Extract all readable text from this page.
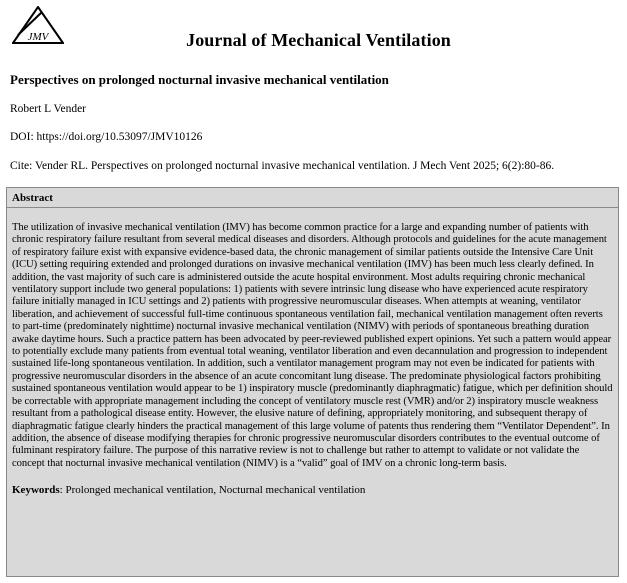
JMV	Journal of Mechanical Ventilation
Perspectives on prolonged nocturnal invasive mechanical ventilation
Robert L Vender
DOI: https://doi.org/10.53097/JMV10126
Cite: Vender RL. Perspectives on prolonged nocturnal invasive mechanical ventilation. J Mech Vent 2025; 6(2):80-86.
Abstract

The utilization of invasive mechanical ventilation (IMV) has become common practice for a large and expanding number of patients with chronic respiratory failure resultant from several medical diseases and disorders. Although protocols and guidelines for the acute management of respiratory failure exist with expansive evidence-based data, the chronic management of similar patients outside the Intensive Care Unit (ICU) setting requiring extended and prolonged durations on invasive mechanical ventilation (IMV) has been much less clearly defined. In addition, the vast majority of such care is administered outside the acute hospital environment. Most adults requiring chronic mechanical ventilatory support include two general populations: 1) patients with severe intrinsic lung disease who have experienced acute respiratory failure initially managed in ICU settings and 2) patients with progressive neuromuscular diseases. When attempts at weaning, ventilator liberation, and achievement of successful full-time continuous spontaneous ventilation fail, mechanical ventilation management often reverts to part-time (predominately nighttime) nocturnal invasive mechanical ventilation (NIMV) with periods of spontaneous breathing duration awake daytime hours. Such a practice pattern has been advocated by peer-reviewed published expert opinions. Yet such a pattern would appear to potentially exclude many patients from eventual total weaning, ventilator liberation and even decannulation and progression to independent sustained life-long spontaneous ventilation. In addition, such a ventilator management program may not even be indicated for patients with progressive neuromuscular disorders in the absence of an acute concomitant lung disease. The predominate physiological factors prohibiting sustained spontaneous ventilation would appear to be 1) inspiratory muscle (predominantly diaphragmatic) fatigue, which per definition should be correctable with appropriate management including the concept of ventilatory muscle rest (VMR) and/or 2) inspiratory muscle weakness resultant from a pathological disease entity. However, the elusive nature of defining, appropriately monitoring, and subsequent therapy of diaphragmatic fatigue clearly hinders the practical management of this large volume of patents thus rendering them “Ventilator Dependent”. In addition, the absence of disease modifying therapies for chronic progressive neuromuscular disorders contributes to the eventual outcome of fulminant respiratory failure. The purpose of this narrative review is not to challenge but rather to attempt to validate or not validate the concept that nocturnal invasive mechanical ventilation (NIMV) is a “valid” goal of IMV on a chronic long-term basis.

Keywords: Prolonged mechanical ventilation, Nocturnal mechanical ventilation
